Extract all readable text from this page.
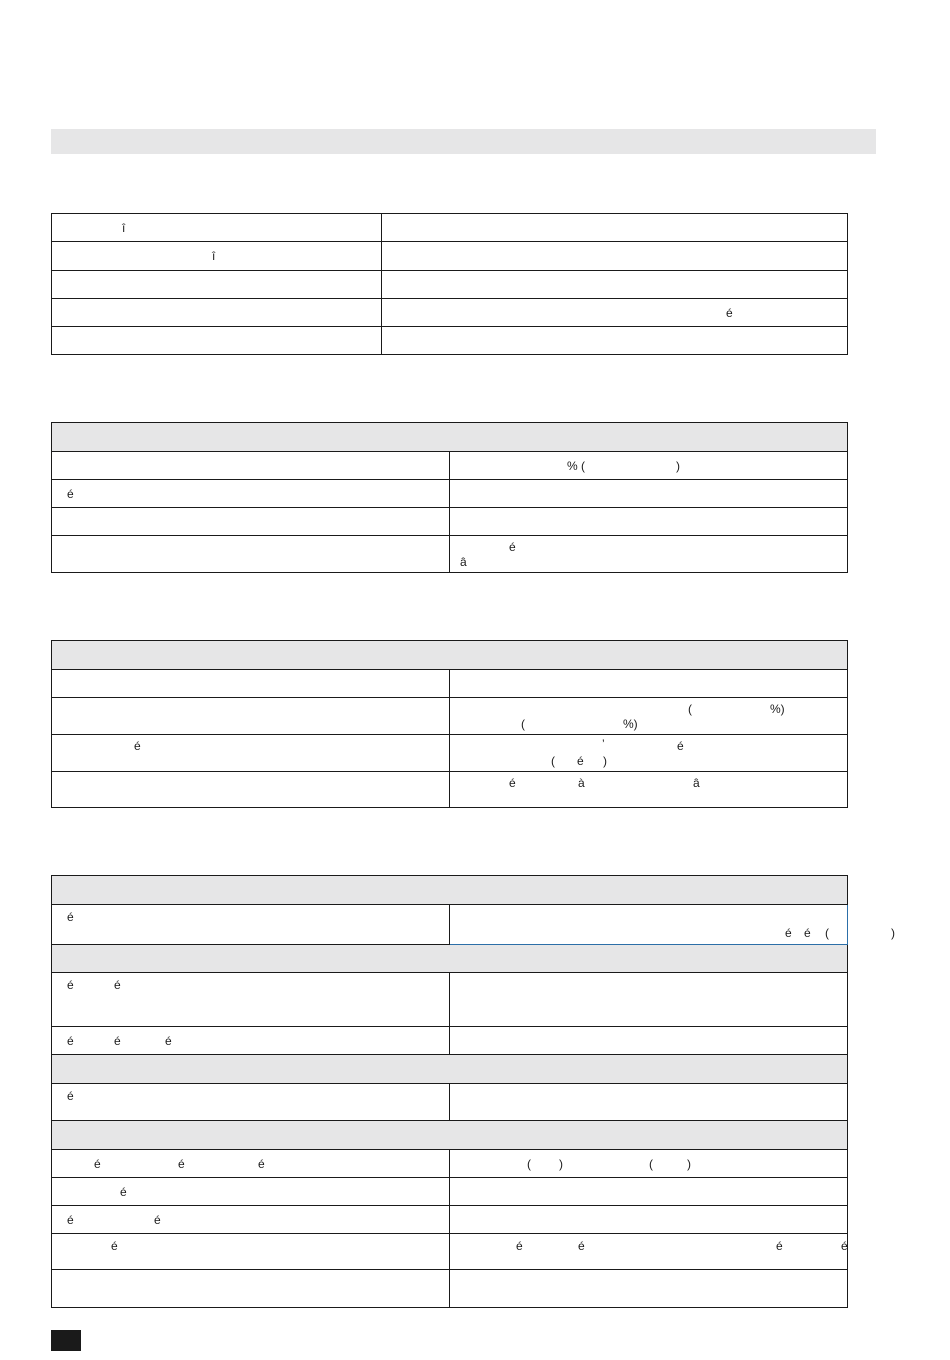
î	

î	

	é

	% ( )

é	

	é
â

	( %)
( %)

é	’ é
( é )

	é à â

é	é é ( )

é é	

é é é	

é	

é é é	( ) ( )

é	

é é	

é	é é é é
